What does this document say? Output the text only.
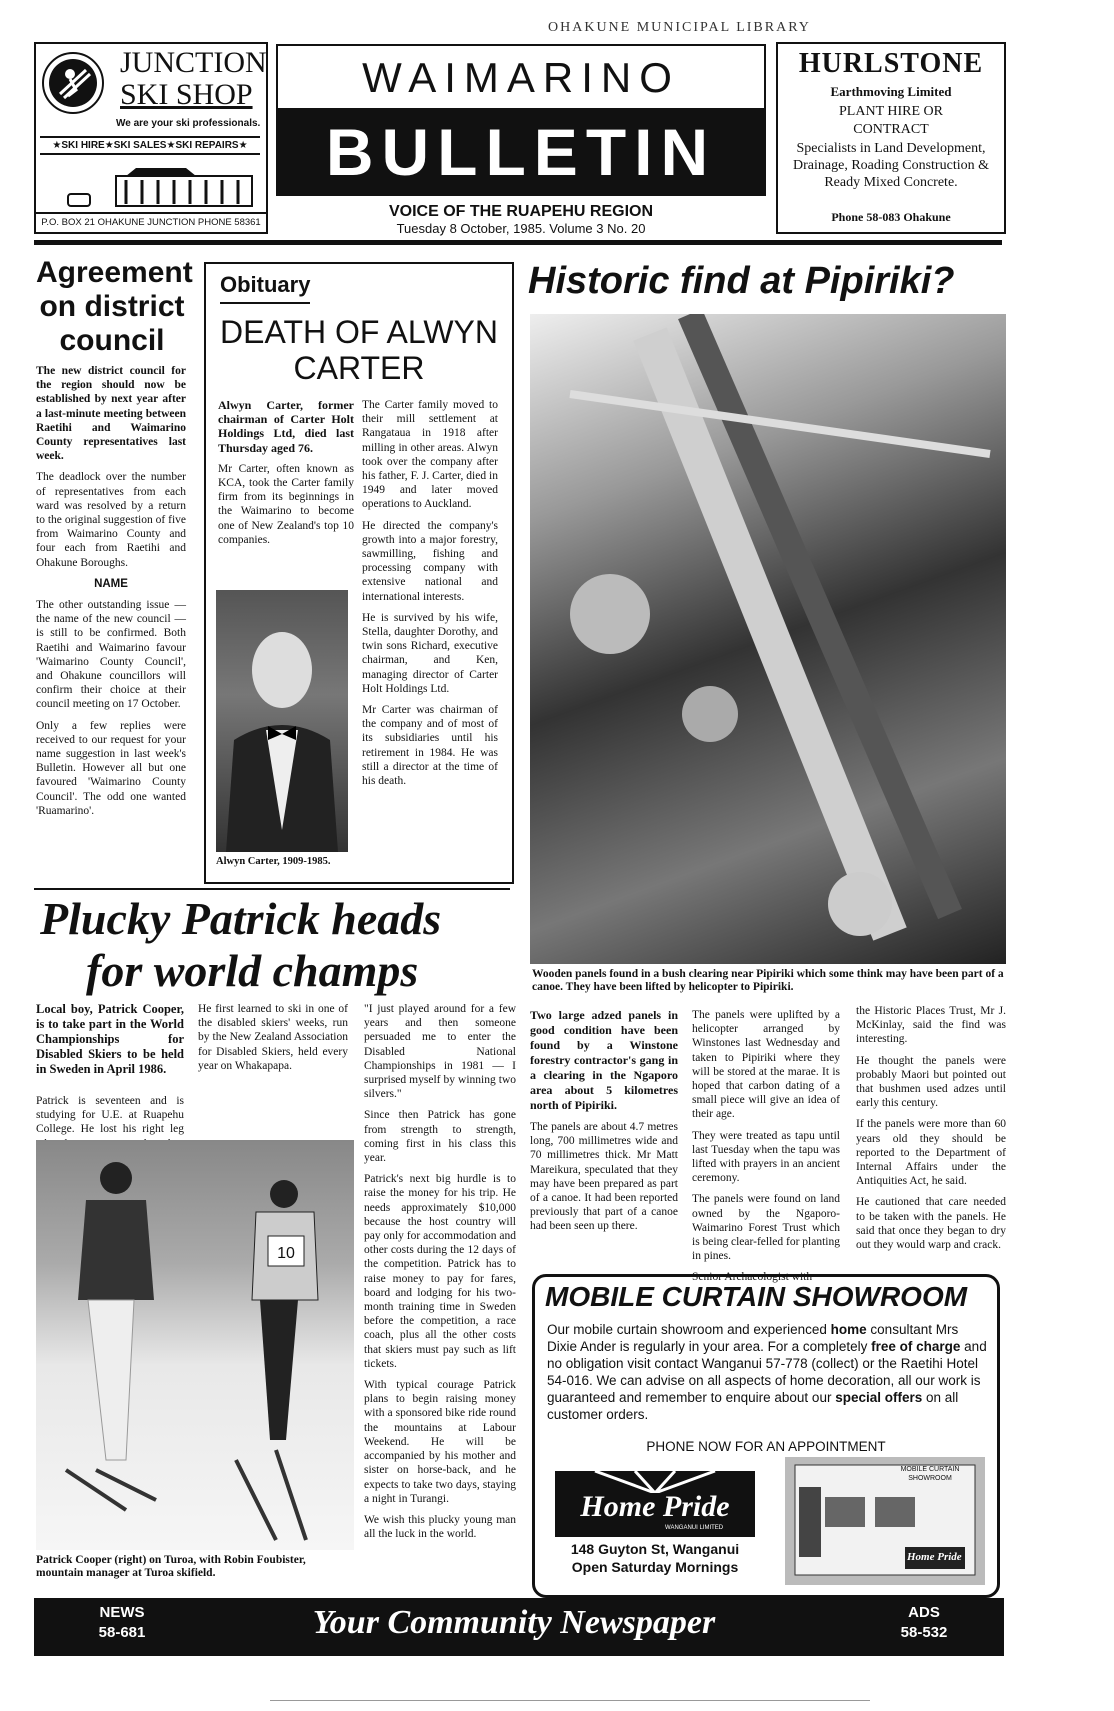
OHAKUNE MUNICIPAL LIBRARY
JUNCTION
SKI SHOP
We are your ski professionals.
★SKI HIRE★SKI SALES★SKI REPAIRS★
P.O. BOX 21 OHAKUNE JUNCTION PHONE 58361
WAIMARINO
BULLETIN
VOICE OF THE RUAPEHU REGION
Tuesday 8 October, 1985. Volume 3 No. 20
HURLSTONE
Earthmoving Limited
PLANT HIRE OR
CONTRACT
Specialists in Land Development, Drainage, Roading Construction & Ready Mixed Concrete.
Phone 58-083 Ohakune
Agreement on district council

The new district council for the region should now be established by next year after a last-minute meeting between Raetihi and Waimarino County representatives last week.

The deadlock over the number of representatives from each ward was resolved by a return to the original suggestion of five from Waimarino County and four each from Raetihi and Ohakune Boroughs.

NAME

The other outstanding issue — the name of the new council — is still to be confirmed. Both Raetihi and Waimarino favour 'Waimarino County Council', and Ohakune councillors will confirm their choice at their council meeting on 17 October.

Only a few replies were received to our request for your name suggestion in last week's Bulletin. However all but one favoured 'Waimarino County Council'. The odd one wanted 'Ruamarino'.

Obituary
DEATH OF ALWYN CARTER

Alwyn Carter, former chairman of Carter Holt Holdings Ltd, died last Thursday aged 76.

Mr Carter, often known as KCA, took the Carter family firm from its beginnings in the Waimarino to become one of New Zealand's top 10 companies.

Alwyn Carter, 1909-1985.

The Carter family moved to their mill settlement at Rangataua in 1918 after milling in other areas. Alwyn took over the company after his father, F. J. Carter, died in 1949 and later moved operations to Auckland.

He directed the company's growth into a major forestry, sawmilling, fishing and processing company with extensive national and international interests.

He is survived by his wife, Stella, daughter Dorothy, and twin sons Richard, executive chairman, and Ken, managing director of Carter Holt Holdings Ltd.

Mr Carter was chairman of the company and of most of its subsidiaries until his retirement in 1984. He was still a director at the time of his death.

Historic find at Pipiriki?
Wooden panels found in a bush clearing near Pipiriki which some think may have been part of a canoe. They have been lifted by helicopter to Pipiriki.

Two large adzed panels in good condition have been found by a Winstone forestry contractor's gang in a clearing in the Ngaporo area about 5 kilometres north of Pipiriki.

The panels are about 4.7 metres long, 700 millimetres wide and 70 millimetres thick. Mr Matt Mareikura, speculated that they may have been prepared as part of a canoe. It had been reported previously that part of a canoe had been seen up there.

The panels were uplifted by a helicopter arranged by Winstones last Wednesday and taken to Pipiriki where they will be stored at the marae. It is hoped that carbon dating of a small piece will give an idea of their age.

They were treated as tapu until last Tuesday when the tapu was lifted with prayers in an ancient ceremony.

The panels were found on land owned by the Ngaporo-Waimarino Forest Trust which is being clear-felled for planting in pines.

Senior Archaeologist with

the Historic Places Trust, Mr J. McKinlay, said the find was interesting.

He thought the panels were probably Maori but pointed out that bushmen used adzes until early this century.

If the panels were more than 60 years old they should be reported to the Department of Internal Affairs under the Antiquities Act, he said.

He cautioned that care needed to be taken with the panels. He said that once they began to dry out they would warp and crack.

Plucky Patrick heads
for world champs

Local boy, Patrick Cooper, is to take part in the World Championships for Disabled Skiers to be held in Sweden in April 1986.

Patrick is seventeen and is studying for U.E. at Ruapehu College. He lost his right leg

He first learned to ski in one of the disabled skiers' weeks, run by the New Zealand Association for Disabled Skiers, held every year on Whakapapa.

"I just played around for a few years and then someone persuaded me to enter the Disabled National Championships in 1981 — I surprised myself by winning two silvers."

Since then Patrick has gone from strength to strength, coming first in his class this year.

Patrick's next big hurdle is to raise the money for his trip. He needs approximately $10,000 because the host country will pay only for accommodation and other costs during the 12 days of the competition. Patrick has to raise money to pay for fares, board and lodging for his two-month training time in Sweden before the competition, a race coach, plus all the other costs that skiers must pay such as lift tickets.

With typical courage Patrick plans to begin raising money with a sponsored bike ride round the mountains at Labour Weekend. He will be accompanied by his mother and sister on horse-back, and he expects to take two days, staying a night in Turangi.

We wish this plucky young man all the luck in the world.

10
Patrick Cooper (right) on Turoa, with Robin Foubister, mountain manager at Turoa skifield.
MOBILE CURTAIN SHOWROOM
Our mobile curtain showroom and experienced home consultant Mrs Dixie Ander is regularly in your area. For a completely free of charge and no obligation visit contact Wanganui 57-778 (collect) or the Raetihi Hotel 54-016. We can advise on all aspects of home decoration, all our work is guaranteed and remember to enquire about our special offers on all customer orders.
PHONE NOW FOR AN APPOINTMENT
Home Pride
WANGANUI LIMITED
148 Guyton St, Wanganui
Open Saturday Mornings
MOBILE CURTAIN SHOWROOM
Home Pride
NEWS
58-681	Your Community Newspaper	ADS
58-532
